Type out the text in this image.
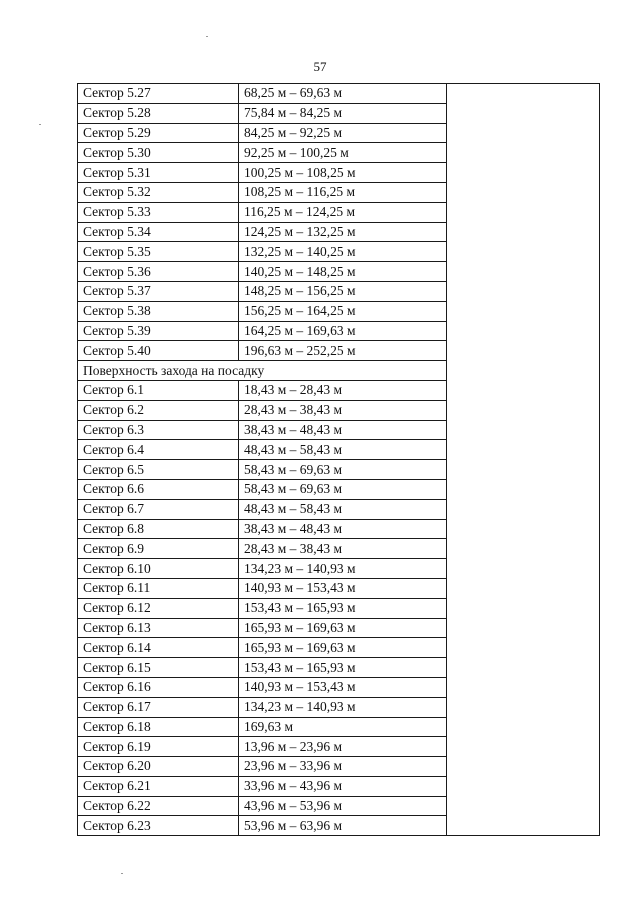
57
Сектор 5.27	68,25 м – 69,63 м	
Сектор 5.28	75,84 м – 84,25 м	
Сектор 5.29	84,25 м – 92,25 м	
Сектор 5.30	92,25 м – 100,25 м	
Сектор 5.31	100,25 м – 108,25 м	
Сектор 5.32	108,25 м – 116,25 м	
Сектор 5.33	116,25 м – 124,25 м	
Сектор 5.34	124,25 м – 132,25 м	
Сектор 5.35	132,25 м – 140,25 м	
Сектор 5.36	140,25 м – 148,25 м	
Сектор 5.37	148,25 м – 156,25 м	
Сектор 5.38	156,25 м – 164,25 м	
Сектор 5.39	164,25 м – 169,63 м	
Сектор 5.40	196,63 м – 252,25 м	
Поверхность захода на посадку		
Сектор 6.1	18,43 м – 28,43 м	
Сектор 6.2	28,43 м – 38,43 м	
Сектор 6.3	38,43 м – 48,43 м	
Сектор 6.4	48,43 м – 58,43 м	
Сектор 6.5	58,43 м – 69,63 м	
Сектор 6.6	58,43 м – 69,63 м	
Сектор 6.7	48,43 м – 58,43 м	
Сектор 6.8	38,43 м – 48,43 м	
Сектор 6.9	28,43 м – 38,43 м	
Сектор 6.10	134,23 м – 140,93 м	
Сектор 6.11	140,93 м – 153,43 м	
Сектор 6.12	153,43 м – 165,93 м	
Сектор 6.13	165,93 м – 169,63 м	
Сектор 6.14	165,93 м – 169,63 м	
Сектор 6.15	153,43 м – 165,93 м	
Сектор 6.16	140,93 м – 153,43 м	
Сектор 6.17	134,23 м – 140,93 м	
Сектор 6.18	169,63 м	
Сектор 6.19	13,96 м – 23,96 м	
Сектор 6.20	23,96 м – 33,96 м	
Сектор 6.21	33,96 м – 43,96 м	
Сектор 6.22	43,96 м – 53,96 м	
Сектор 6.23	53,96 м – 63,96 м	
